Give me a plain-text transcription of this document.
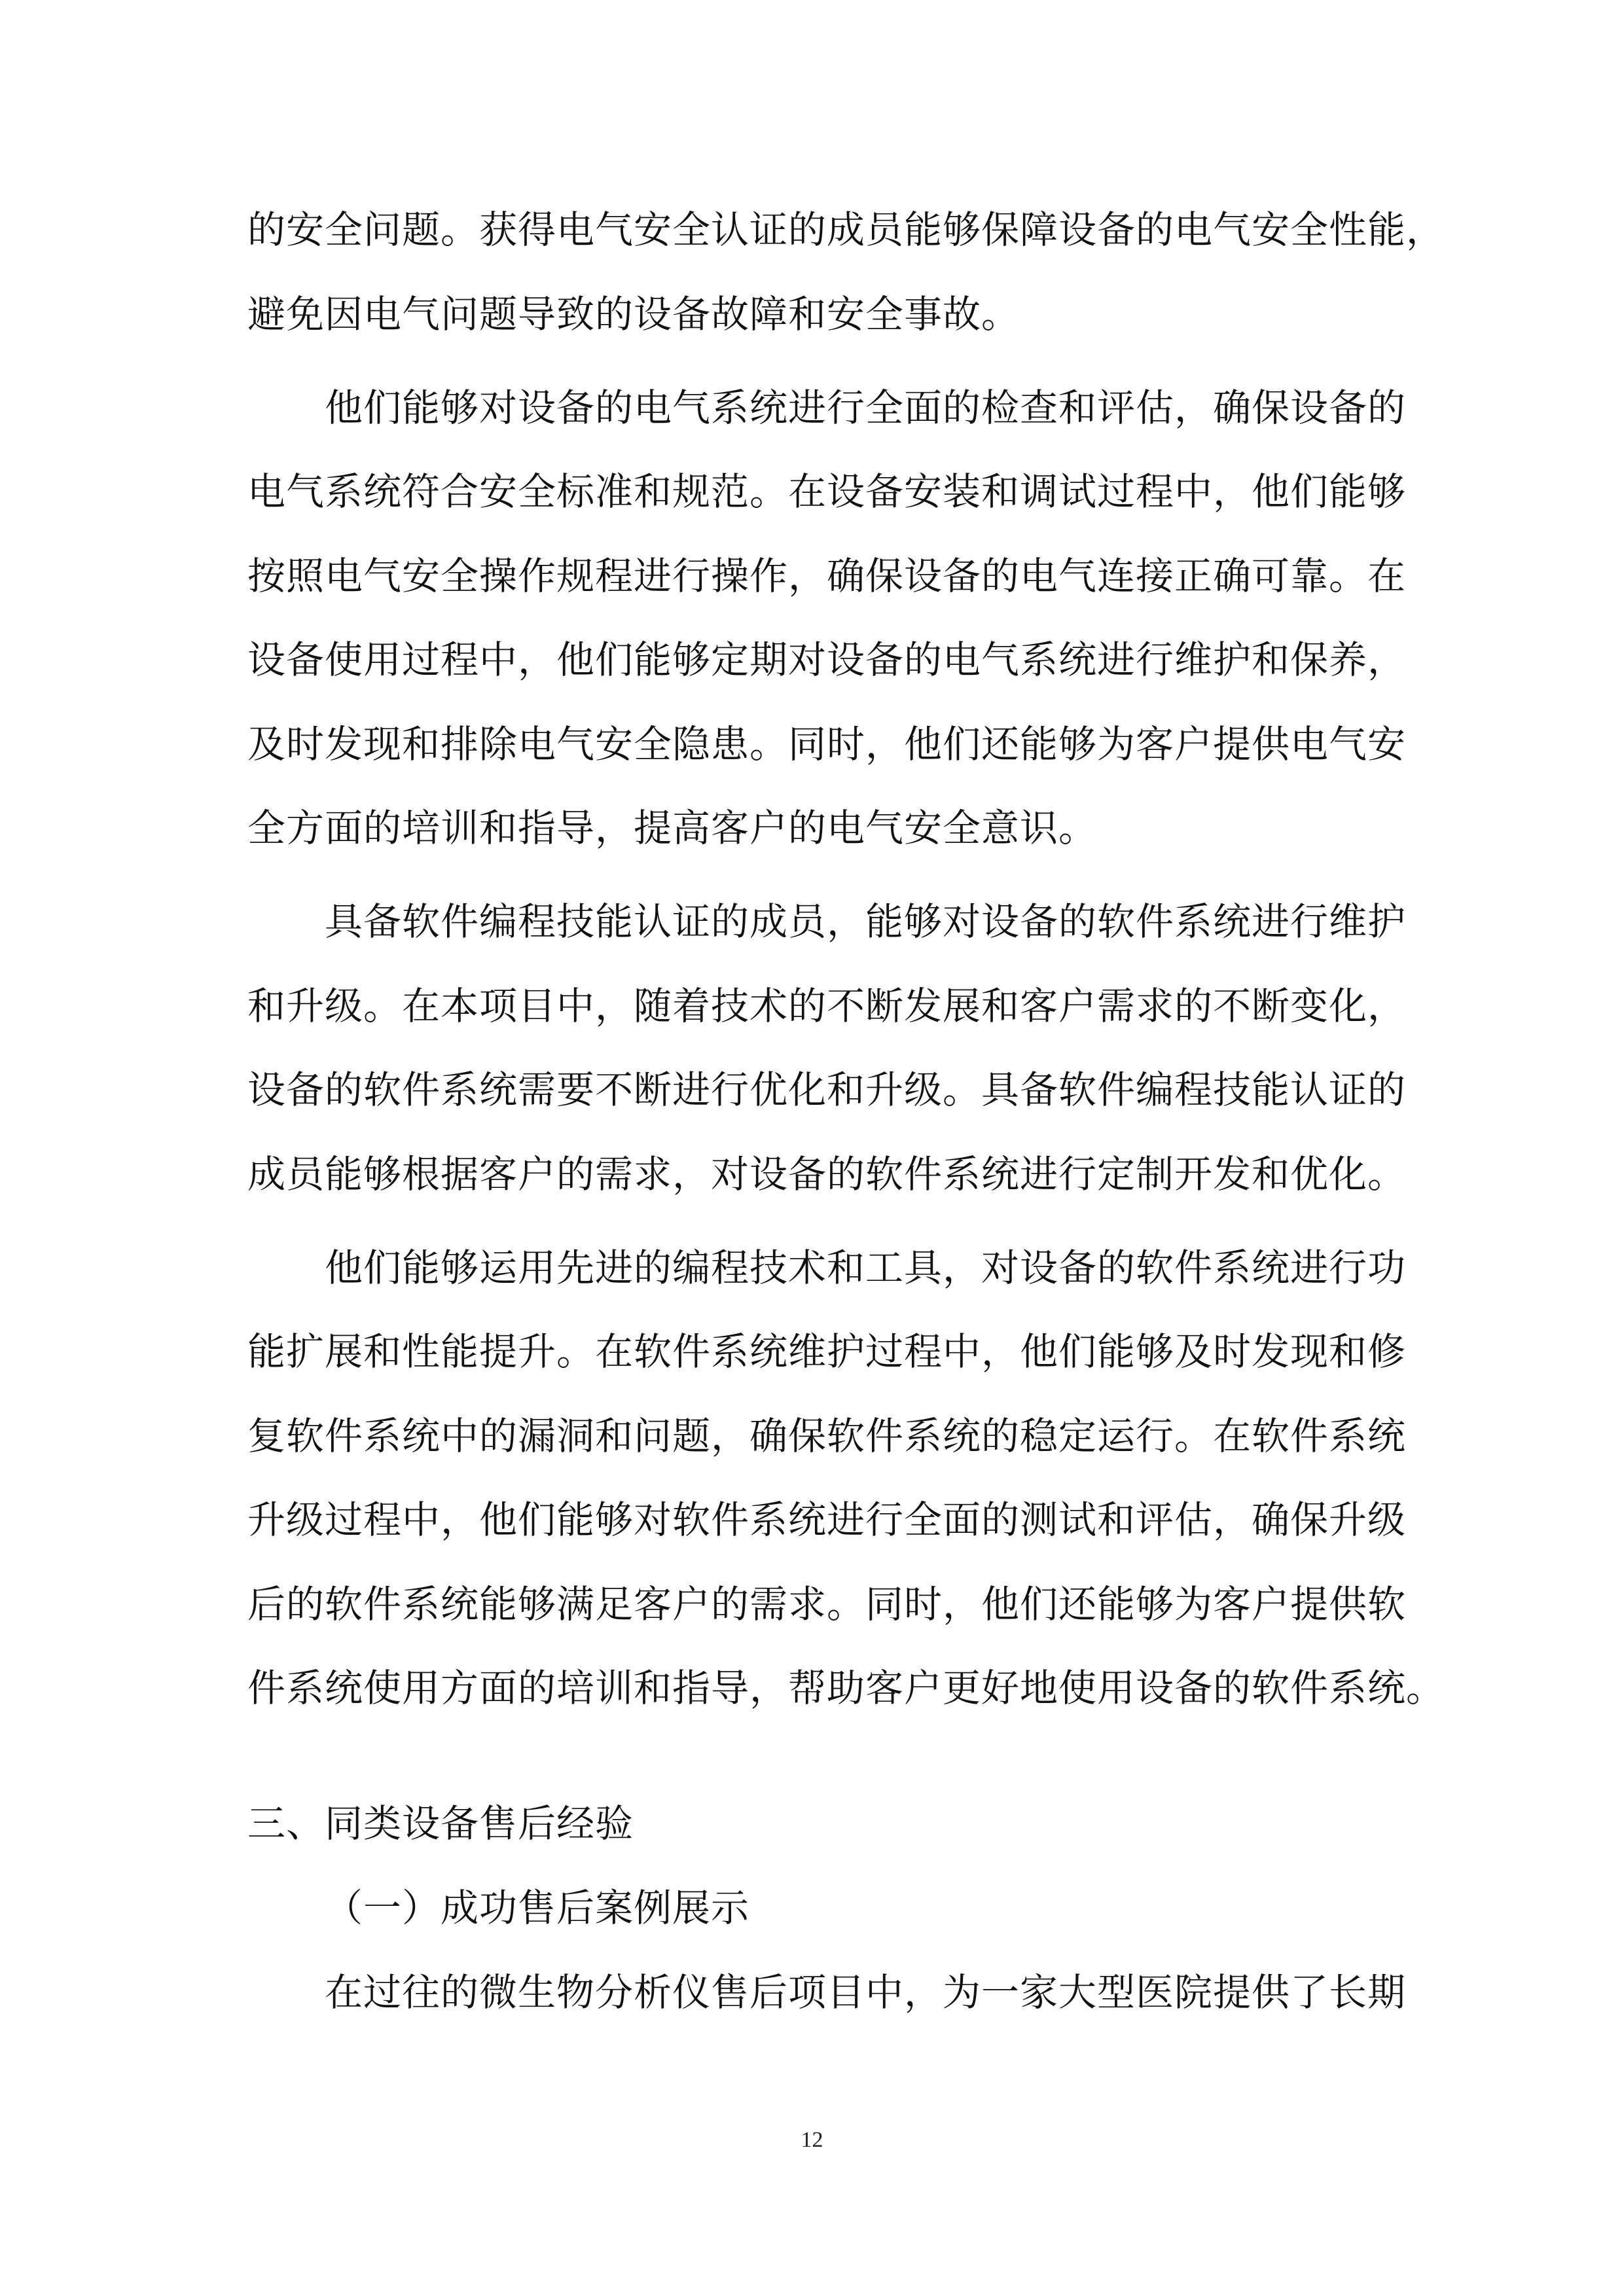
的安全问题。获得电气安全认证的成员能够保障设备的电气安全性能，
避免因电气问题导致的设备故障和安全事故。
他们能够对设备的电气系统进行全面的检查和评估，确保设备的
电气系统符合安全标准和规范。在设备安装和调试过程中，他们能够
按照电气安全操作规程进行操作，确保设备的电气连接正确可靠。在
设备使用过程中，他们能够定期对设备的电气系统进行维护和保养，
及时发现和排除电气安全隐患。同时，他们还能够为客户提供电气安
全方面的培训和指导，提高客户的电气安全意识。
具备软件编程技能认证的成员，能够对设备的软件系统进行维护
和升级。在本项目中，随着技术的不断发展和客户需求的不断变化，
设备的软件系统需要不断进行优化和升级。具备软件编程技能认证的
成员能够根据客户的需求，对设备的软件系统进行定制开发和优化。
他们能够运用先进的编程技术和工具，对设备的软件系统进行功
能扩展和性能提升。在软件系统维护过程中，他们能够及时发现和修
复软件系统中的漏洞和问题，确保软件系统的稳定运行。在软件系统
升级过程中，他们能够对软件系统进行全面的测试和评估，确保升级
后的软件系统能够满足客户的需求。同时，他们还能够为客户提供软
件系统使用方面的培训和指导，帮助客户更好地使用设备的软件系统。
三、同类设备售后经验
（一）成功售后案例展示
在过往的微生物分析仪售后项目中，为一家大型医院提供了长期
12
